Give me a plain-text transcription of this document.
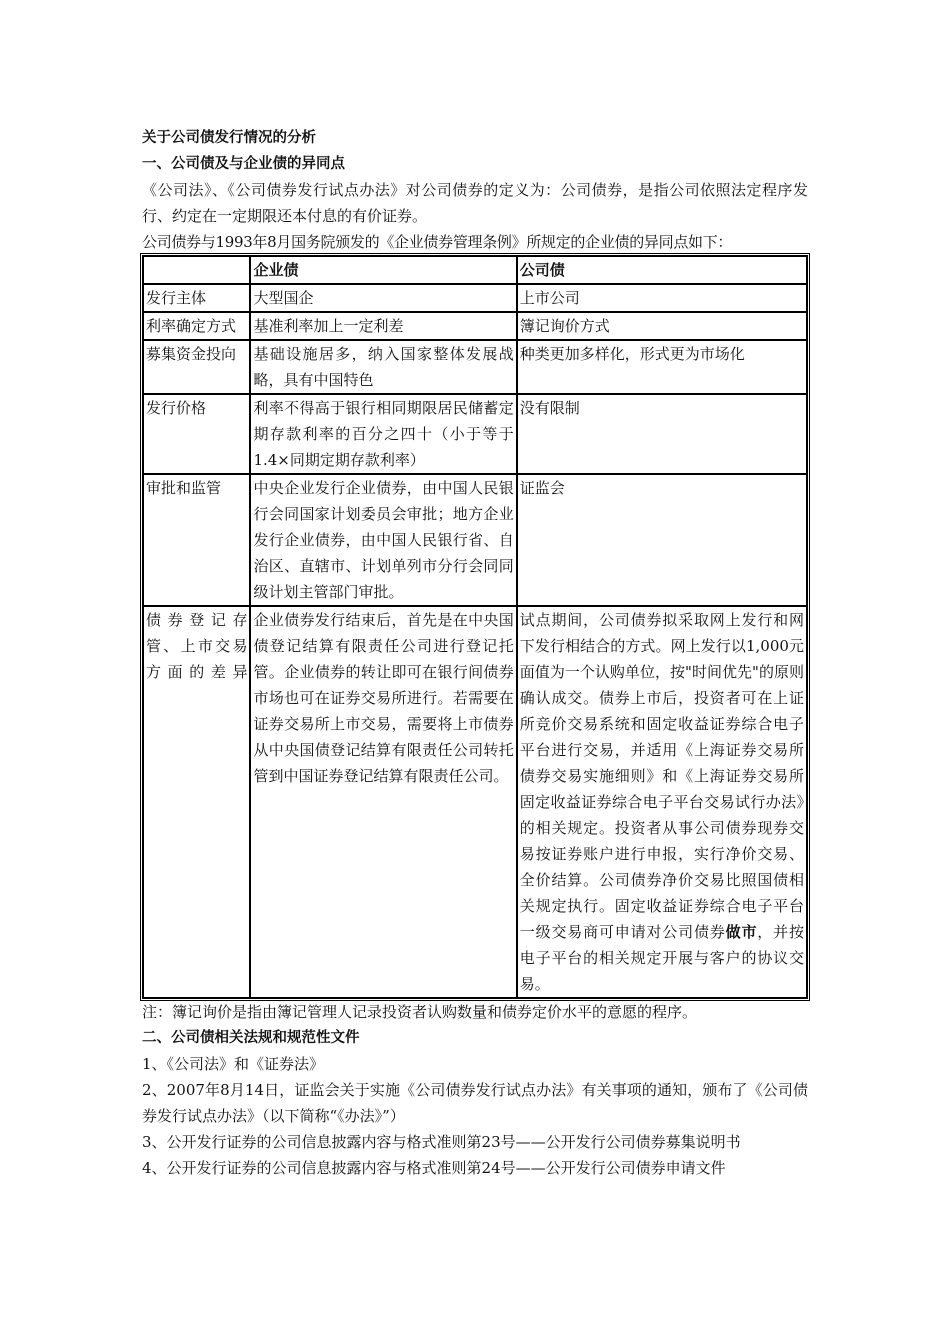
关于公司债发行情况的分析
一、公司债及与企业债的异同点
《公司法》、《公司债券发行试点办法》对公司债券的定义为：公司债券，是指公司依照法定程序发行、约定在一定期限还本付息的有价证券。
公司债券与1993年8月国务院颁发的《企业债券管理条例》所规定的企业债的异同点如下：
	企业债	公司债
发行主体	大型国企	上市公司
利率确定方式	基准利率加上一定利差	簿记询价方式
募集资金投向	基础设施居多，纳入国家整体发展战略，具有中国特色	种类更加多样化，形式更为市场化
发行价格	利率不得高于银行相同期限居民储蓄定期存款利率的百分之四十（小于等于1.4×同期定期存款利率）	没有限制
审批和监管	中央企业发行企业债券，由中国人民银行会同国家计划委员会审批；地方企业发行企业债券，由中国人民银行省、自治区、直辖市、计划单列市分行会同同级计划主管部门审批。	证监会
债券登记存管、上市交易方面的差异	企业债券发行结束后，首先是在中央国债登记结算有限责任公司进行登记托管。企业债券的转让即可在银行间债券市场也可在证券交易所进行。若需要在证券交易所上市交易，需要将上市债券从中央国债登记结算有限责任公司转托管到中国证券登记结算有限责任公司。	试点期间，公司债券拟采取网上发行和网下发行相结合的方式。网上发行以1,000元面值为一个认购单位，按"时间优先"的原则确认成交。债券上市后，投资者可在上证所竞价交易系统和固定收益证券综合电子平台进行交易，并适用《上海证券交易所债券交易实施细则》和《上海证券交易所固定收益证券综合电子平台交易试行办法》的相关规定。投资者从事公司债券现券交易按证券账户进行申报，实行净价交易、全价结算。公司债券净价交易比照国债相关规定执行。固定收益证券综合电子平台一级交易商可申请对公司债券做市，并按电子平台的相关规定开展与客户的协议交易。
注：簿记询价是指由簿记管理人记录投资者认购数量和债券定价水平的意愿的程序。
二、公司债相关法规和规范性文件
1、《公司法》和《证券法》
2、2007年8月14日，证监会关于实施《公司债券发行试点办法》有关事项的通知，颁布了《公司债券发行试点办法》（以下简称“《办法》”）
3、公开发行证券的公司信息披露内容与格式准则第23号——公开发行公司债券募集说明书
4、公开发行证券的公司信息披露内容与格式准则第24号——公开发行公司债券申请文件
